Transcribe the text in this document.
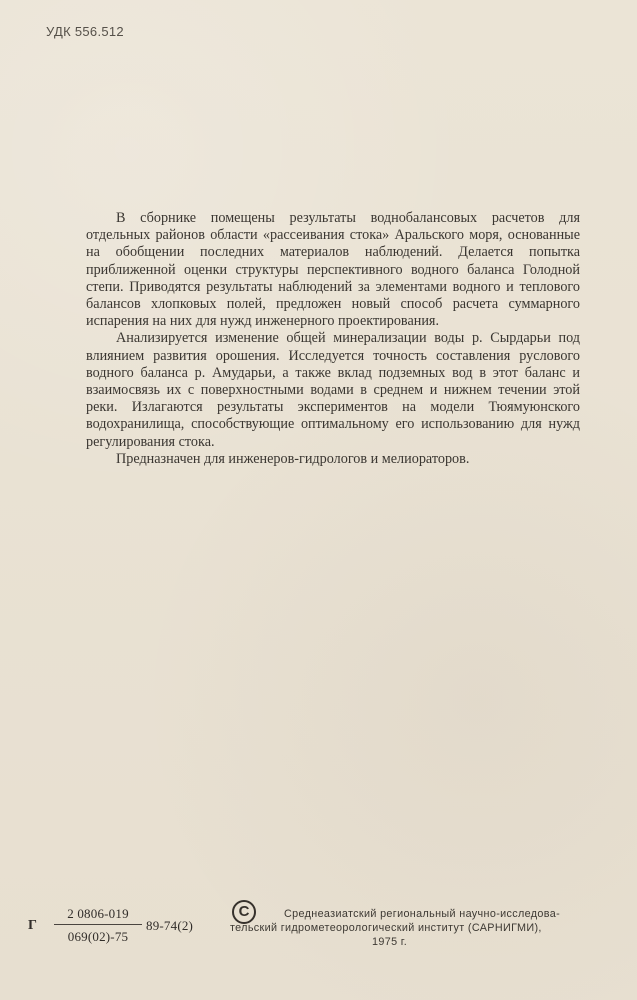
УДК 556.512

В сборнике помещены результаты воднобалансовых расчетов для отдельных районов области «рассеивания стока» Аральского моря, основанные на обобщении последних материалов наблюдений. Делается попытка приближенной оценки структуры перспективного водного баланса Голодной степи. Приводятся результаты наблюдений за элементами водного и теплового балансов хлопковых полей, предложен новый способ расчета суммарного испарения на них для нужд инженерного проектирования.

Анализируется изменение общей минерализации воды р. Сырдарьи под влиянием развития орошения. Исследуется точность составления руслового водного баланса р. Амударьи, а также вклад подземных вод в этот баланс и взаимосвязь их с поверхностными водами в среднем и нижнем течении этой реки. Излагаются результаты экспериментов на модели Тюямуюнского водохранилища, способствующие оптимальному его использованию для нужд регулирования стока.

Предназначен для инженеров-гидрологов и мелиораторов.

Г
2 0806-019
069(02)-75
89-74(2)
C	Среднеазиатский региональный научно-исследова-
тельский гидрометеорологический институт (САРНИГМИ),
1975 г.
